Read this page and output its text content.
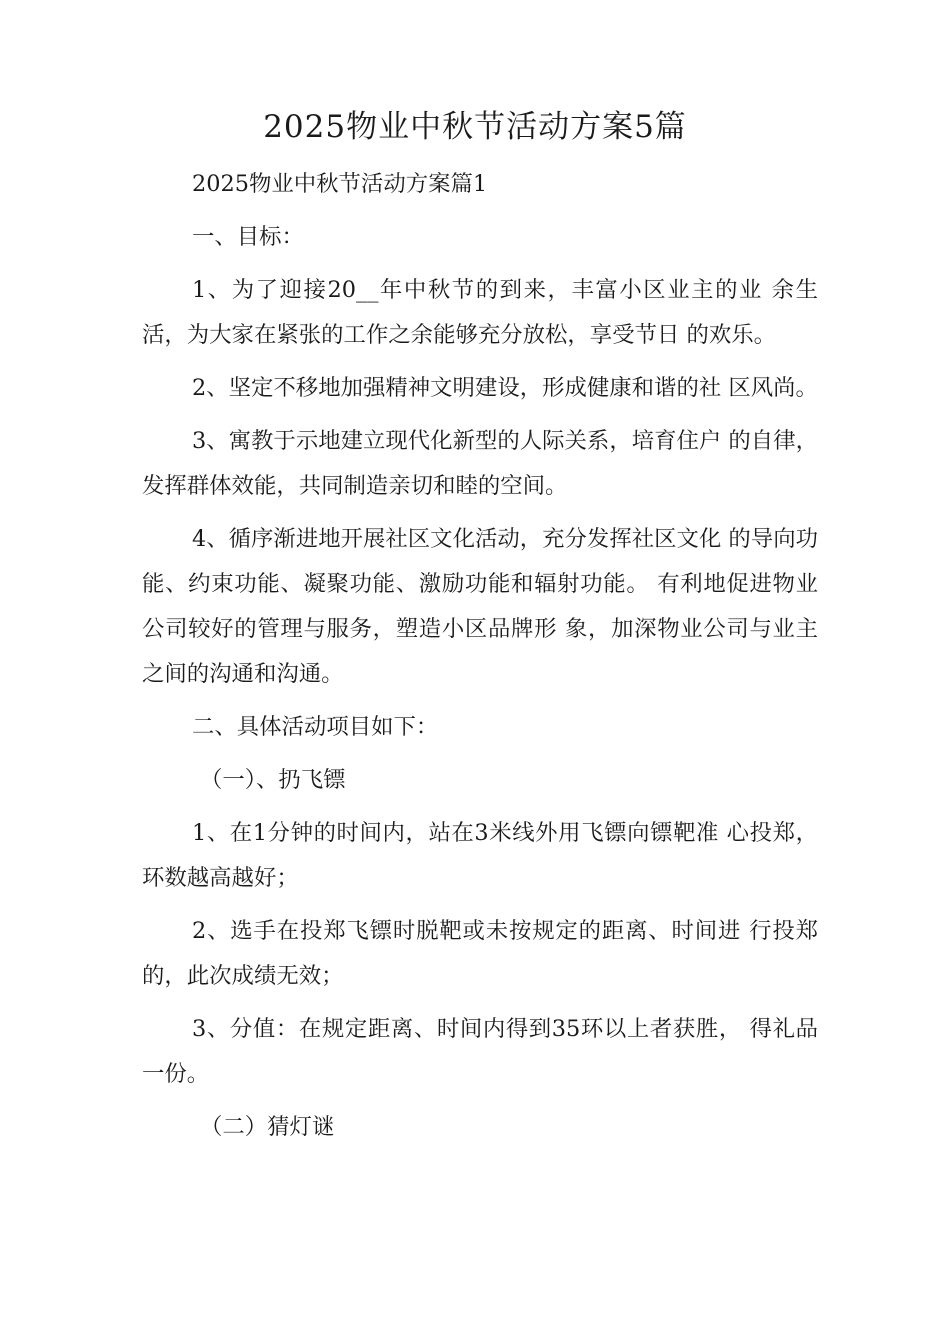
2025物业中秋节活动方案5篇

2025物业中秋节活动方案篇1

一、目标：

1、为了迎接20__年中秋节的到来，丰富小区业主的业 余生活，为大家在紧张的工作之余能够充分放松，享受节日 的欢乐。

2、坚定不移地加强精神文明建设，形成健康和谐的社 区风尚。

3、寓教于示地建立现代化新型的人际关系，培育住户 的自律，发挥群体效能，共同制造亲切和睦的空间。

4、循序渐进地开展社区文化活动，充分发挥社区文化 的导向功能、约束功能、凝聚功能、激励功能和辐射功能。 有利地促进物业公司较好的管理与服务，塑造小区品牌形 象，加深物业公司与业主之间的沟通和沟通。

二、具体活动项目如下：

（一）、扔飞镖

1、在1分钟的时间内，站在3米线外用飞镖向镖靶准 心投郑，环数越高越好；

2、选手在投郑飞镖时脱靶或未按规定的距离、时间进 行投郑的，此次成绩无效；

3、分值：在规定距离、时间内得到35环以上者获胜， 得礼品一份。

（二）猜灯谜
